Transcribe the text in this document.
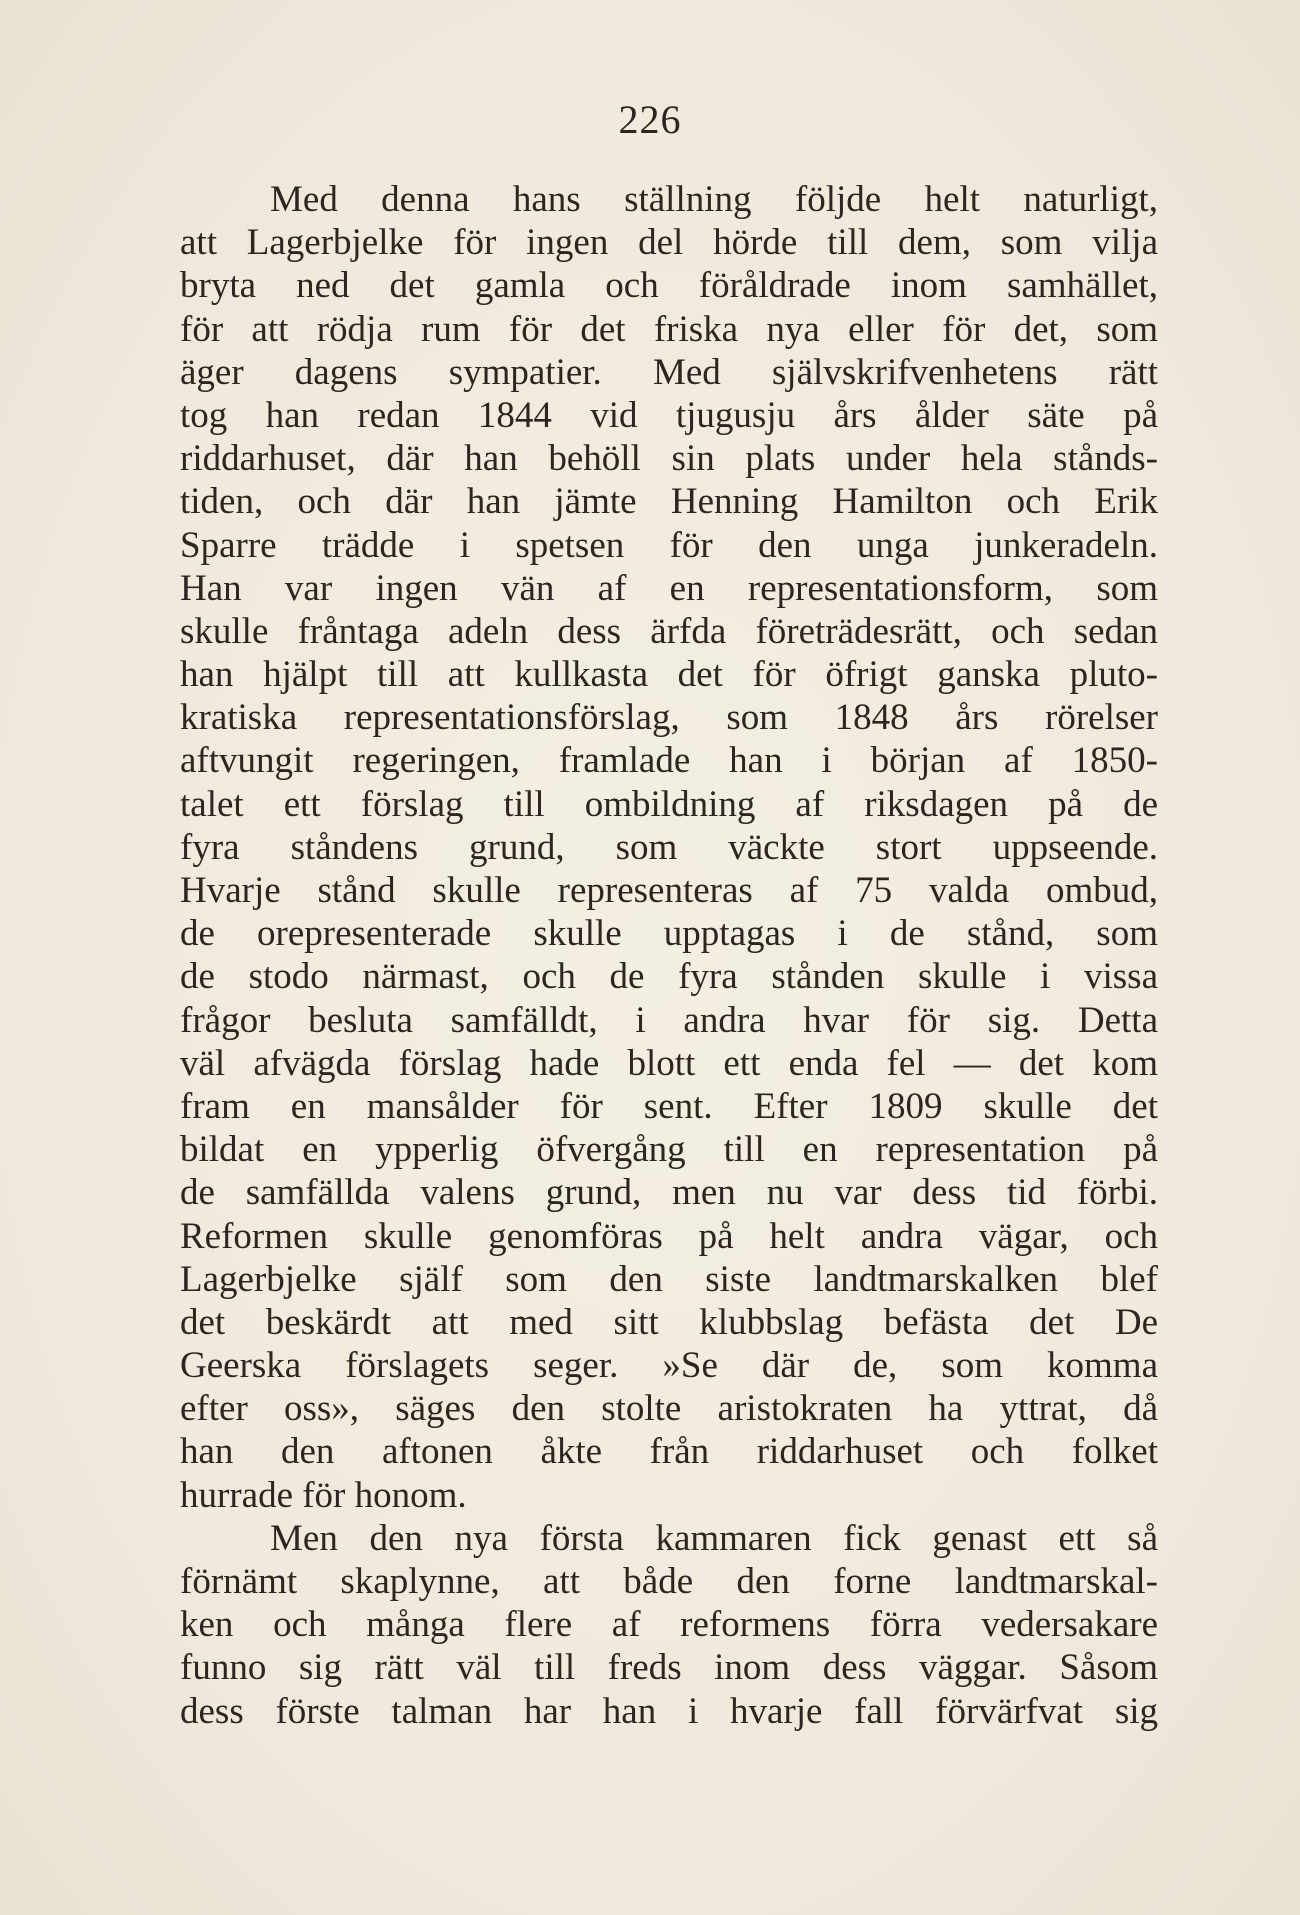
226
Med denna hans ställning följde helt naturligt,
att Lagerbjelke för ingen del hörde till dem, som vilja
bryta ned det gamla och föråldrade inom samhället,
för att rödja rum för det friska nya eller för det, som
äger dagens sympatier. Med självskrifvenhetens rätt
tog han redan 1844 vid tjugusju års ålder säte på
riddarhuset, där han behöll sin plats under hela stånds-
tiden, och där han jämte Henning Hamilton och Erik
Sparre trädde i spetsen för den unga junkeradeln.
Han var ingen vän af en representationsform, som
skulle fråntaga adeln dess ärfda företrädesrätt, och sedan
han hjälpt till att kullkasta det för öfrigt ganska pluto-
kratiska representationsförslag, som 1848 års rörelser
aftvungit regeringen, framlade han i början af 1850-
talet ett förslag till ombildning af riksdagen på de
fyra ståndens grund, som väckte stort uppseende.
Hvarje stånd skulle representeras af 75 valda ombud,
de orepresenterade skulle upptagas i de stånd, som
de stodo närmast, och de fyra stånden skulle i vissa
frågor besluta samfälldt, i andra hvar för sig. Detta
väl afvägda förslag hade blott ett enda fel — det kom
fram en mansålder för sent. Efter 1809 skulle det
bildat en ypperlig öfvergång till en representation på
de samfällda valens grund, men nu var dess tid förbi.
Reformen skulle genomföras på helt andra vägar, och
Lagerbjelke själf som den siste landtmarskalken blef
det beskärdt att med sitt klubbslag befästa det De
Geerska förslagets seger. »Se där de, som komma
efter oss», säges den stolte aristokraten ha yttrat, då
han den aftonen åkte från riddarhuset och folket
hurrade för honom.
Men den nya första kammaren fick genast ett så
förnämt skaplynne, att både den forne landtmarskal-
ken och många flere af reformens förra vedersakare
funno sig rätt väl till freds inom dess väggar. Såsom
dess förste talman har han i hvarje fall förvärfvat sig
